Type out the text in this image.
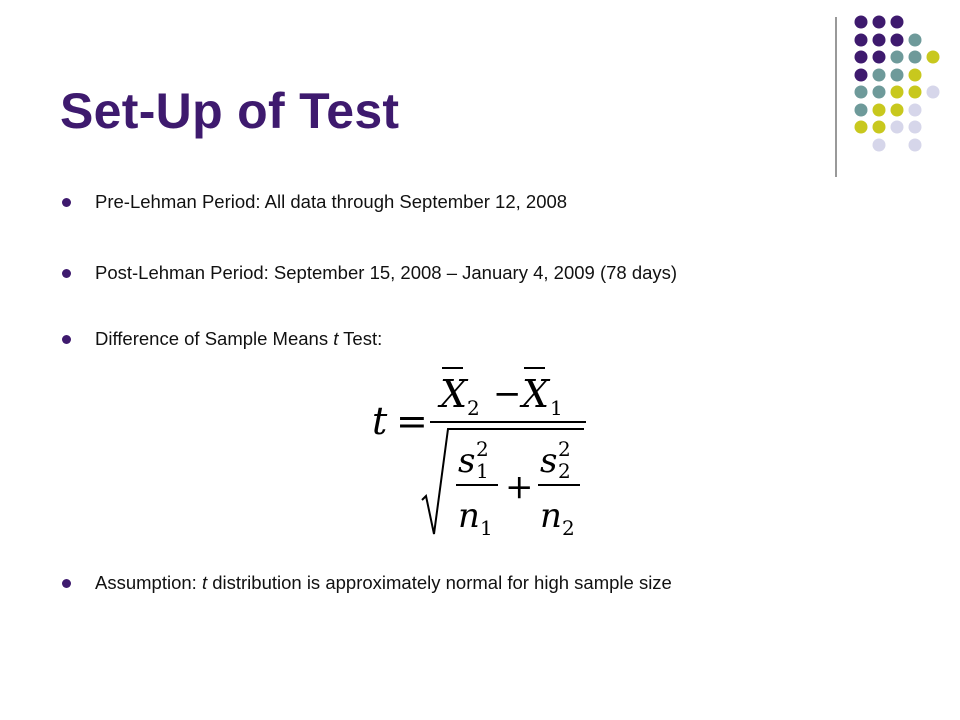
Set-Up of Test
Pre-Lehman Period: All data through September 12, 2008
Post-Lehman Period: September 15, 2008 – January 4, 2009 (78 days)
Difference of Sample Means t Test:
t =
X 2 − X 1
s 2
1
n 1
+
s 2
2
n 2
Assumption: t distribution is approximately normal for high sample size
